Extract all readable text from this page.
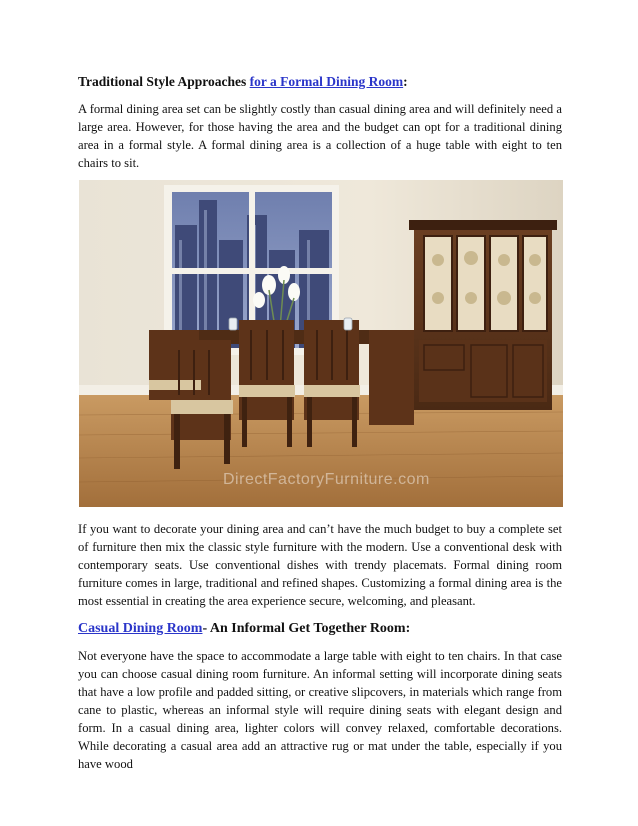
Traditional Style Approaches for a Formal Dining Room:

A formal dining area set can be slightly costly than casual dining area and will definitely need a large area. However, for those having the area and the budget can opt for a traditional dining area in a formal style. A formal dining area is a collection of a huge table with eight to ten chairs to sit.

DirectFactoryFurniture.com

If you want to decorate your dining area and can’t have the much budget to buy a complete set of furniture then mix the classic style furniture with the modern. Use a conventional desk with contemporary seats. Use conventional dishes with trendy placemats. Formal dining room furniture comes in large, traditional and refined shapes. Customizing a formal dining area is the most essential in creating the area experience secure, welcoming, and pleasant.

Casual Dining Room- An Informal Get Together Room:

Not everyone have the space to accommodate a large table with eight to ten chairs. In that case you can choose casual dining room furniture. An informal setting will incorporate dining seats that have a low profile and padded sitting, or creative slipcovers, in materials which range from cane to plastic, whereas an informal style will require dining seats with elegant design and form. In a casual dining area, lighter colors will convey relaxed, comfortable decorations. While decorating a casual area add an attractive rug or mat under the table, especially if you have wood
